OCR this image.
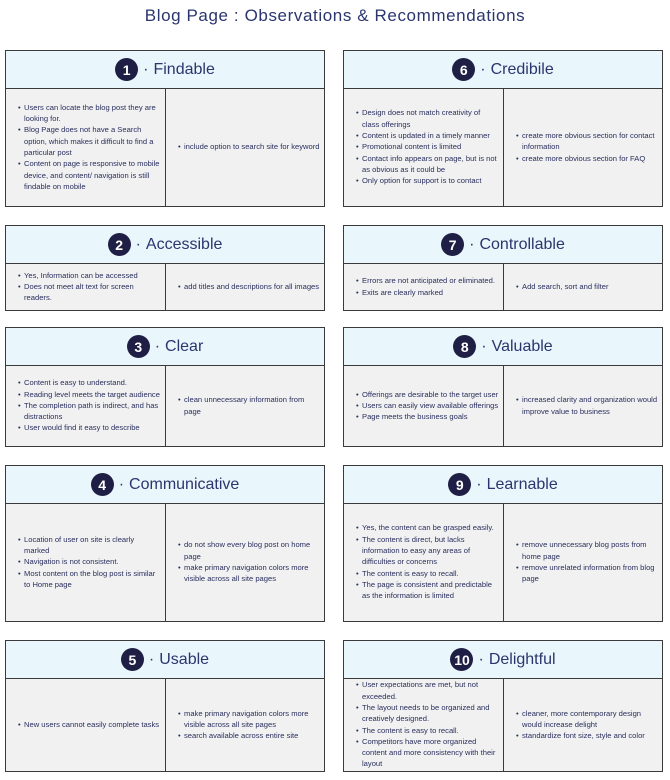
Blog Page : Observations & Recommendations
1	· Findable
• Users can locate the blog post they are looking for.
• Blog Page does not have a Search option, which makes it difficult to find a particular post
• Content on page is responsive to mobile device, and content/ navigation is still findable on mobile
• include option to search site for keyword
6	· Credibile
• Design does not match creativity of class offerings
• Content is updated in a timely manner
• Promotional content is limited
• Contact info appears on page, but is not as obvious as it could be
• Only option for support is to contact
• create more obvious section for contact information
• create more obvious section for FAQ
2	· Accessible
• Yes, Information can be accessed
• Does not meet alt text for screen readers.
• add titles and descriptions for all images
7	· Controllable
• Errors are not anticipated or eliminated.
• Exits are clearly marked
• Add search, sort and filter
3	· Clear
• Content is easy to understand.
• Reading level meets the target audience
• The completion path is indirect, and has distractions
• User would find it easy to describe
• clean unnecessary information from page
8	· Valuable
• Offerings are desirable to the target user
• Users can easily view available offerings
• Page meets the business goals
• increased clarity and organization would improve value to business
4	· Communicative
• Location of user on site is clearly marked
• Navigation is not consistent.
• Most content on the blog post is similar to Home page
• do not show every blog post on home page
• make primary navigation colors more visible across all site pages
9	· Learnable
• Yes, the content can be grasped easily.
• The content is direct, but lacks information to easy any areas of difficulties or concerns
• The content is easy to recall.
• The page is consistent and predictable as the information is limited
• remove unnecessary blog posts from home page
• remove unrelated information from blog page
5	· Usable
• New users cannot easily complete tasks
• make primary navigation colors more visible across all site pages
• search available across entire site
10	· Delightful
• User expectations are met, but not exceeded.
• The layout needs to be organized and creatively designed.
• The content is easy to recall.
• Competitors have more organized content and more consistency with their layout
• cleaner, more contemporary design would increase delight
• standardize font size, style and color
